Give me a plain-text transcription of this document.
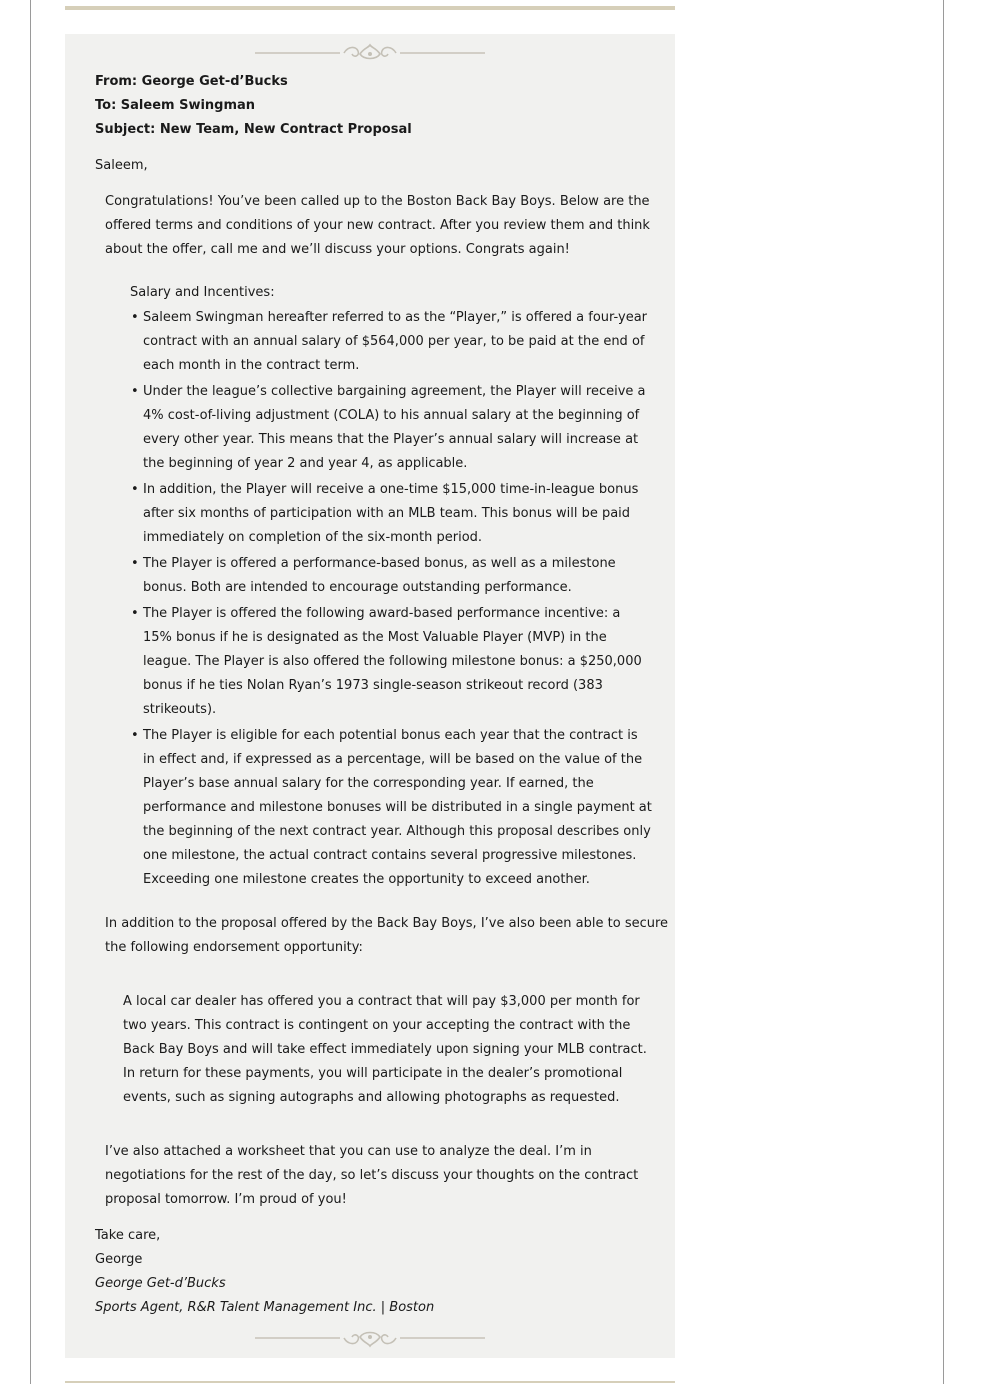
From: George Get-d’Bucks

To: Saleem Swingman

Subject: New Team, New Contract Proposal

Saleem,

Congratulations! You’ve been called up to the Boston Back Bay Boys. Below are the

offered terms and conditions of your new contract. After you review them and think

about the offer, call me and we’ll discuss your options. Congrats again!

Salary and Incentives:

• Saleem Swingman hereafter referred to as the “Player,” is offered a four-year

contract with an annual salary of $564,000 per year, to be paid at the end of

each month in the contract term.

• Under the league’s collective bargaining agreement, the Player will receive a

4% cost-of-living adjustment (COLA) to his annual salary at the beginning of

every other year. This means that the Player’s annual salary will increase at

the beginning of year 2 and year 4, as applicable.

• In addition, the Player will receive a one-time $15,000 time-in-league bonus

after six months of participation with an MLB team. This bonus will be paid

immediately on completion of the six-month period.

• The Player is offered a performance-based bonus, as well as a milestone

bonus. Both are intended to encourage outstanding performance.

• The Player is offered the following award-based performance incentive: a

15% bonus if he is designated as the Most Valuable Player (MVP) in the

league. The Player is also offered the following milestone bonus: a $250,000

bonus if he ties Nolan Ryan’s 1973 single-season strikeout record (383

strikeouts).

• The Player is eligible for each potential bonus each year that the contract is

in effect and, if expressed as a percentage, will be based on the value of the

Player’s base annual salary for the corresponding year. If earned, the

performance and milestone bonuses will be distributed in a single payment at

the beginning of the next contract year. Although this proposal describes only

one milestone, the actual contract contains several progressive milestones.

Exceeding one milestone creates the opportunity to exceed another.

In addition to the proposal offered by the Back Bay Boys, I’ve also been able to secure

the following endorsement opportunity:

A local car dealer has offered you a contract that will pay $3,000 per month for

two years. This contract is contingent on your accepting the contract with the

Back Bay Boys and will take effect immediately upon signing your MLB contract.

In return for these payments, you will participate in the dealer’s promotional

events, such as signing autographs and allowing photographs as requested.

I’ve also attached a worksheet that you can use to analyze the deal. I’m in

negotiations for the rest of the day, so let’s discuss your thoughts on the contract

proposal tomorrow. I’m proud of you!

Take care,

George

George Get-d’Bucks

Sports Agent, R&R Talent Management Inc. | Boston
